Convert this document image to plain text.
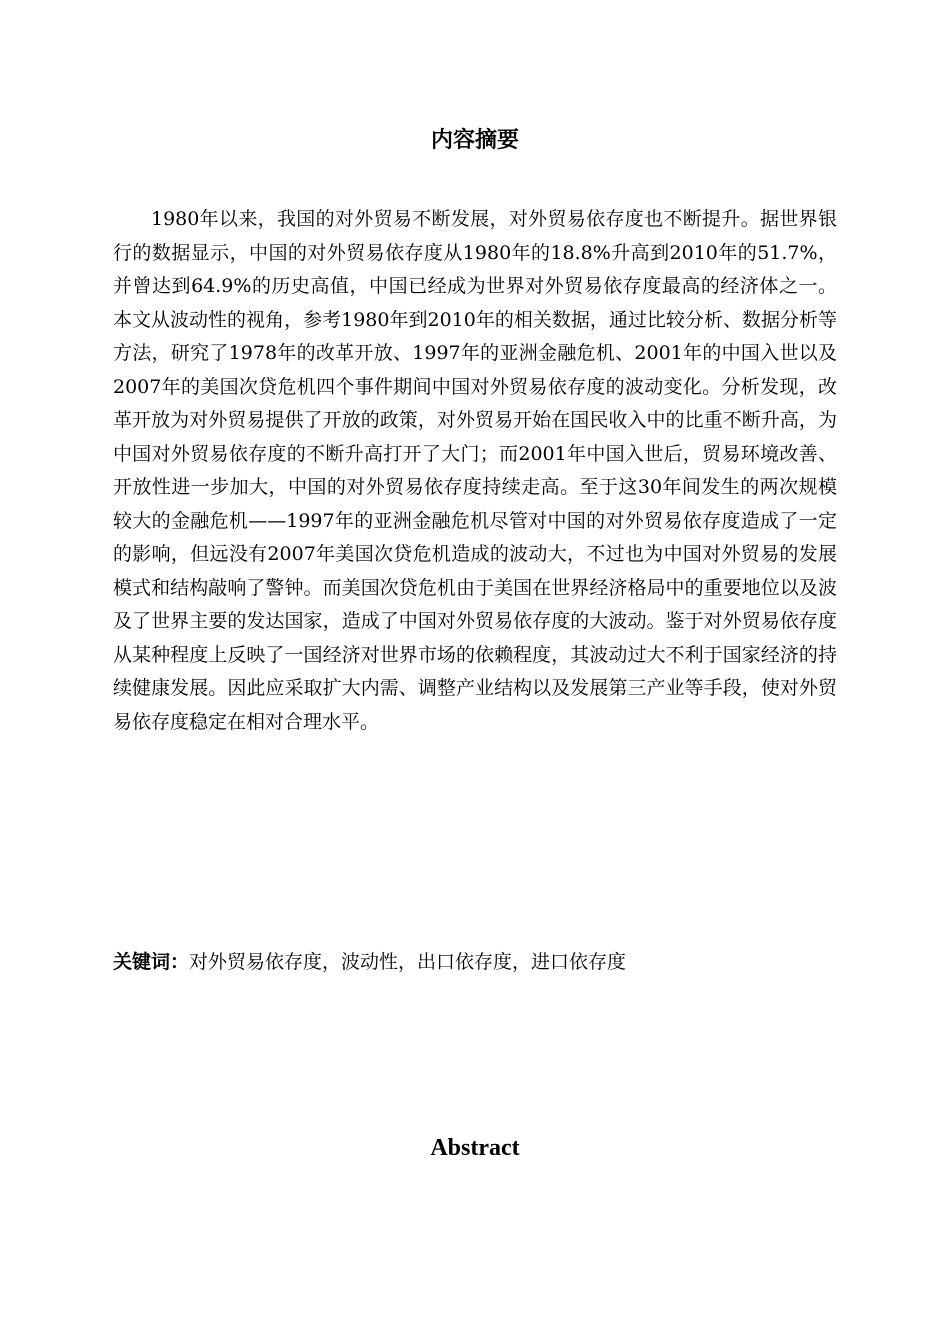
内容摘要

1980年以来，我国的对外贸易不断发展，对外贸易依存度也不断提升。据世界银行的数据显示，中国的对外贸易依存度从1980年的18.8%升高到2010年的51.7%，并曾达到64.9%的历史高值，中国已经成为世界对外贸易依存度最高的经济体之一。本文从波动性的视角，参考1980年到2010年的相关数据，通过比较分析、数据分析等方法，研究了1978年的改革开放、1997年的亚洲金融危机、2001年的中国入世以及2007年的美国次贷危机四个事件期间中国对外贸易依存度的波动变化。分析发现，改革开放为对外贸易提供了开放的政策，对外贸易开始在国民收入中的比重不断升高，为中国对外贸易依存度的不断升高打开了大门；而2001年中国入世后，贸易环境改善、开放性进一步加大，中国的对外贸易依存度持续走高。至于这30年间发生的两次规模较大的金融危机——1997年的亚洲金融危机尽管对中国的对外贸易依存度造成了一定的影响，但远没有2007年美国次贷危机造成的波动大，不过也为中国对外贸易的发展模式和结构敲响了警钟。而美国次贷危机由于美国在世界经济格局中的重要地位以及波及了世界主要的发达国家，造成了中国对外贸易依存度的大波动。鉴于对外贸易依存度从某种程度上反映了一国经济对世界市场的依赖程度，其波动过大不利于国家经济的持续健康发展。因此应采取扩大内需、调整产业结构以及发展第三产业等手段，使对外贸易依存度稳定在相对合理水平。

关键词：对外贸易依存度，波动性，出口依存度，进口依存度

Abstract
